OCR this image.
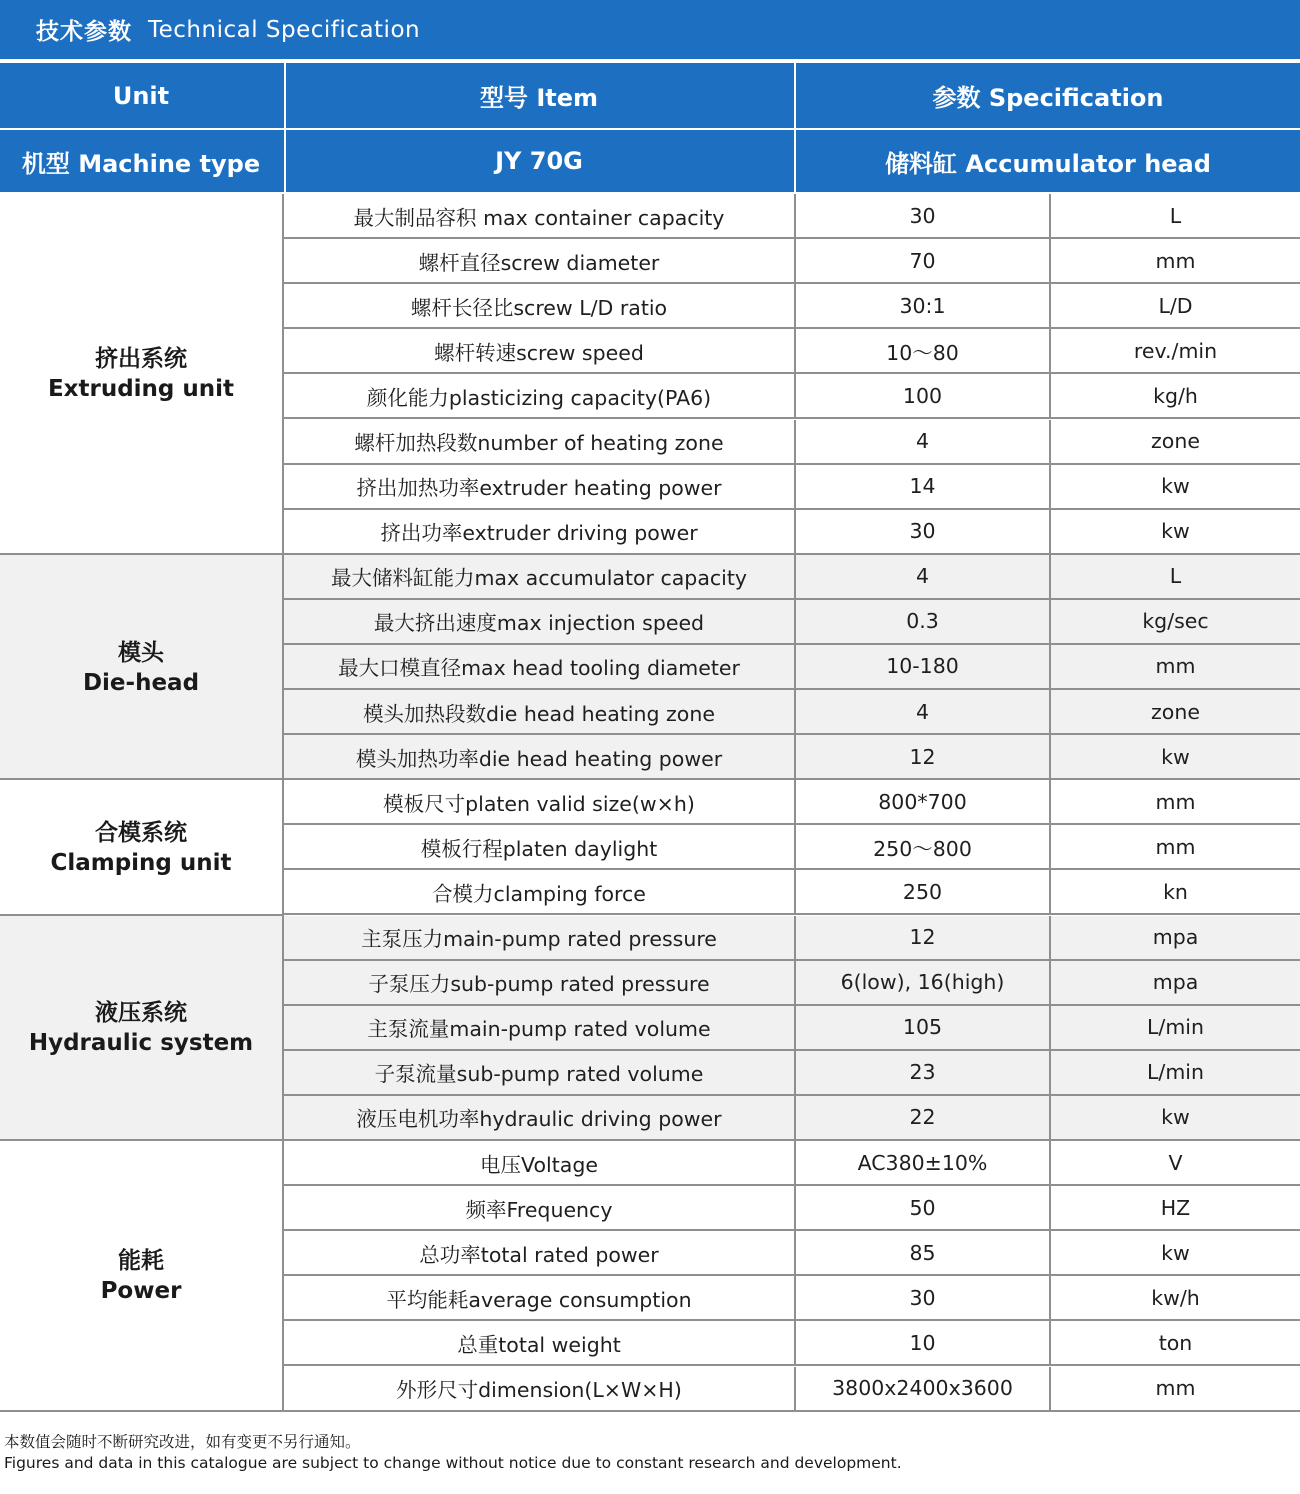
技术参数 Technical Specification
Unit	型号 Item	参数 Specification
机型 Machine type	JY 70G	储料缸 Accumulator head
挤出系统
Extruding unit
最大制品容积 max container capacity	30	L
螺杆直径screw diameter	70	mm
螺杆长径比screw L/D ratio	30:1	L/D
螺杆转速screw speed	10～80	rev./min
颜化能力plasticizing capacity(PA6)	100	kg/h
螺杆加热段数number of heating zone	4	zone
挤出加热功率extruder heating power	14	kw
挤出功率extruder driving power	30	kw
模头
Die-head
最大储料缸能力max accumulator capacity	4	L
最大挤出速度max injection speed	0.3	kg/sec
最大口模直径max head tooling diameter	10-180	mm
模头加热段数die head heating zone	4	zone
模头加热功率die head heating power	12	kw
合模系统
Clamping unit
模板尺寸platen valid size(w×h)	800*700	mm
模板行程platen daylight	250～800	mm
合模力clamping force	250	kn
液压系统
Hydraulic system
主泵压力main-pump rated pressure	12	mpa
子泵压力sub-pump rated pressure	6(low), 16(high)	mpa
主泵流量main-pump rated volume	105	L/min
子泵流量sub-pump rated volume	23	L/min
液压电机功率hydraulic driving power	22	kw
能耗
Power
电压Voltage	AC380±10%	V
频率Frequency	50	HZ
总功率total rated power	85	kw
平均能耗average consumption	30	kw/h
总重total weight	10	ton
外形尺寸dimension(L×W×H)	3800x2400x3600	mm
本数值会随时不断研究改进，如有变更不另行通知。
Figures and data in this catalogue are subject to change without notice due to constant research and development.
